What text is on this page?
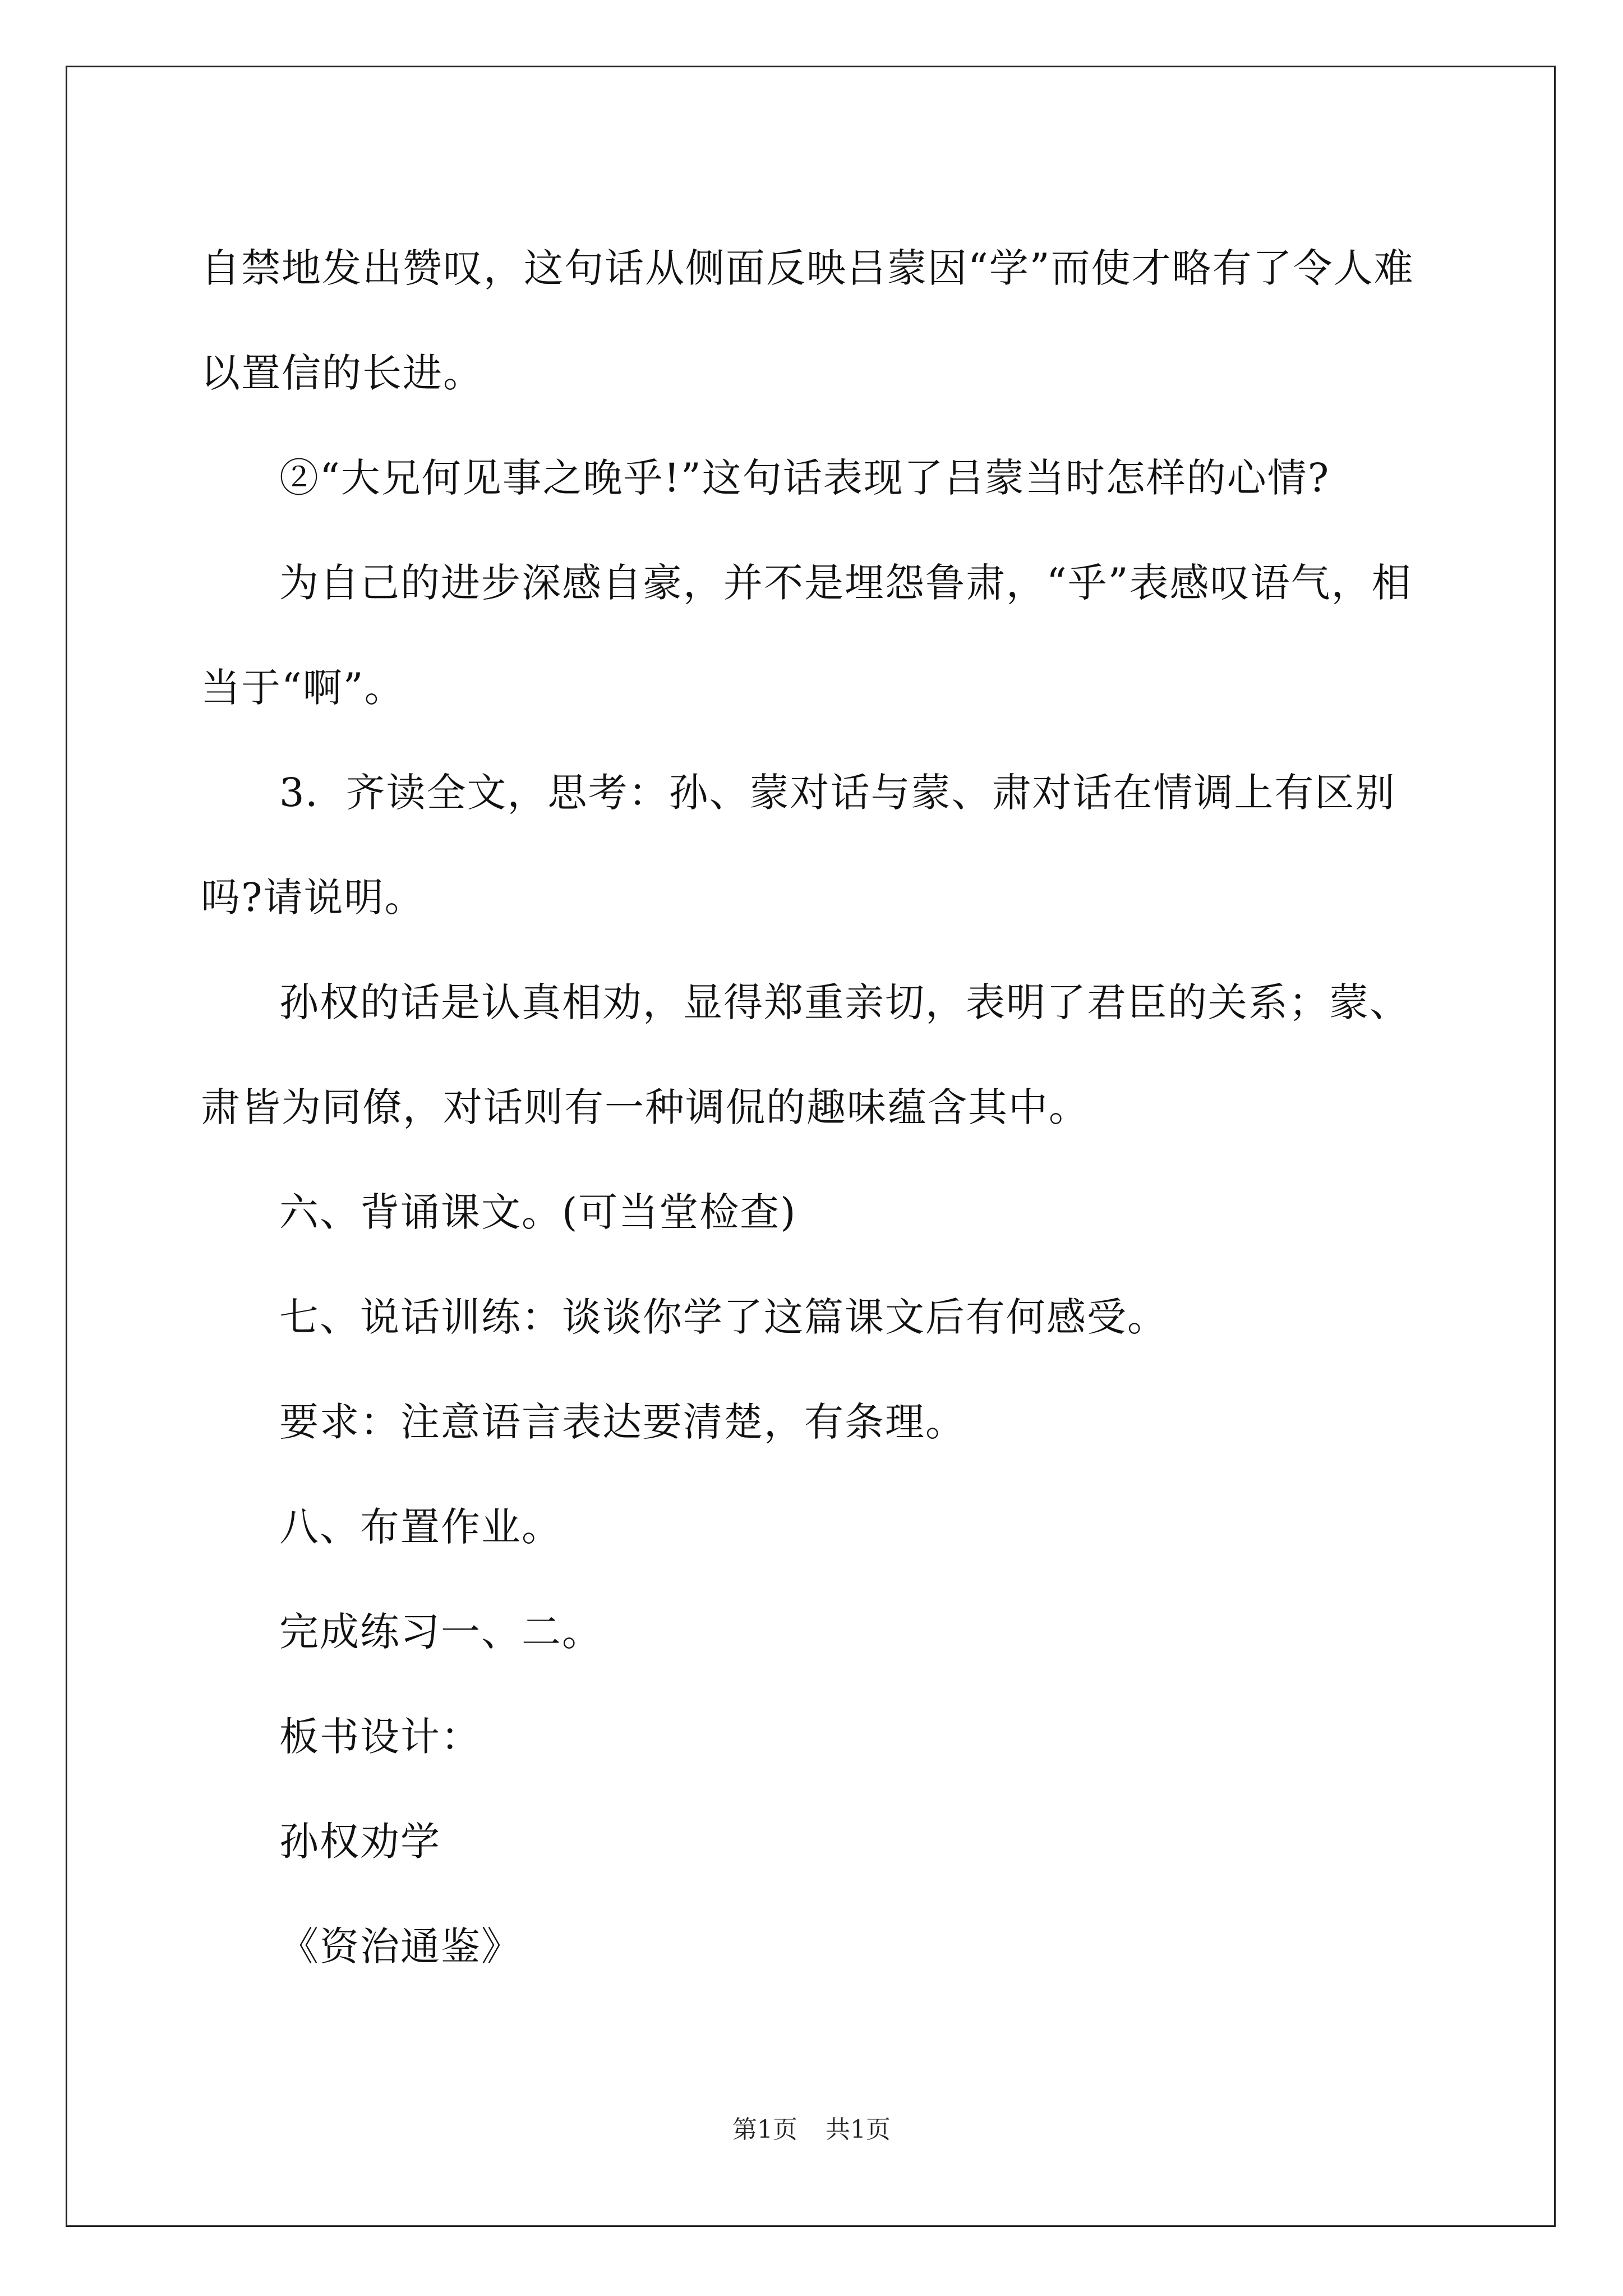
自禁地发出赞叹，这句话从侧面反映吕蒙因“学”而使才略有了令人难以置信的长进。

②“大兄何见事之晚乎!”这句话表现了吕蒙当时怎样的心情?

为自己的进步深感自豪，并不是埋怨鲁肃，“乎”表感叹语气，相当于“啊”。

3．齐读全文，思考：孙、蒙对话与蒙、肃对话在情调上有区别吗?请说明。

孙权的话是认真相劝，显得郑重亲切，表明了君臣的关系；蒙、肃皆为同僚，对话则有一种调侃的趣味蕴含其中。

六、背诵课文。(可当堂检查)

七、说话训练：谈谈你学了这篇课文后有何感受。

要求：注意语言表达要清楚，有条理。

八、布置作业。

完成练习一、二。

板书设计：

孙权劝学

《资治通鉴》

第1页 共1页
